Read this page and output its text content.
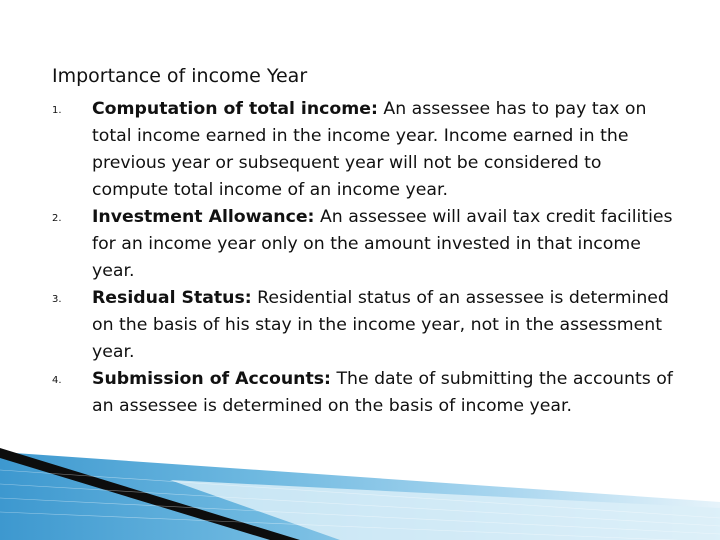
Importance of income Year
1. Computation of total income: An assessee has to pay tax on total income earned in the income year. Income earned in the previous year or subsequent year will not be considered to compute total income of an income year.
2. Investment Allowance: An assessee will avail tax credit facilities for an income year only on the amount invested in that income year.
3. Residual Status: Residential status of an assessee is determined on the basis of his stay in the income year, not in the assessment year.
4. Submission of Accounts: The date of submitting the accounts of an assessee is determined on the basis of income year.
